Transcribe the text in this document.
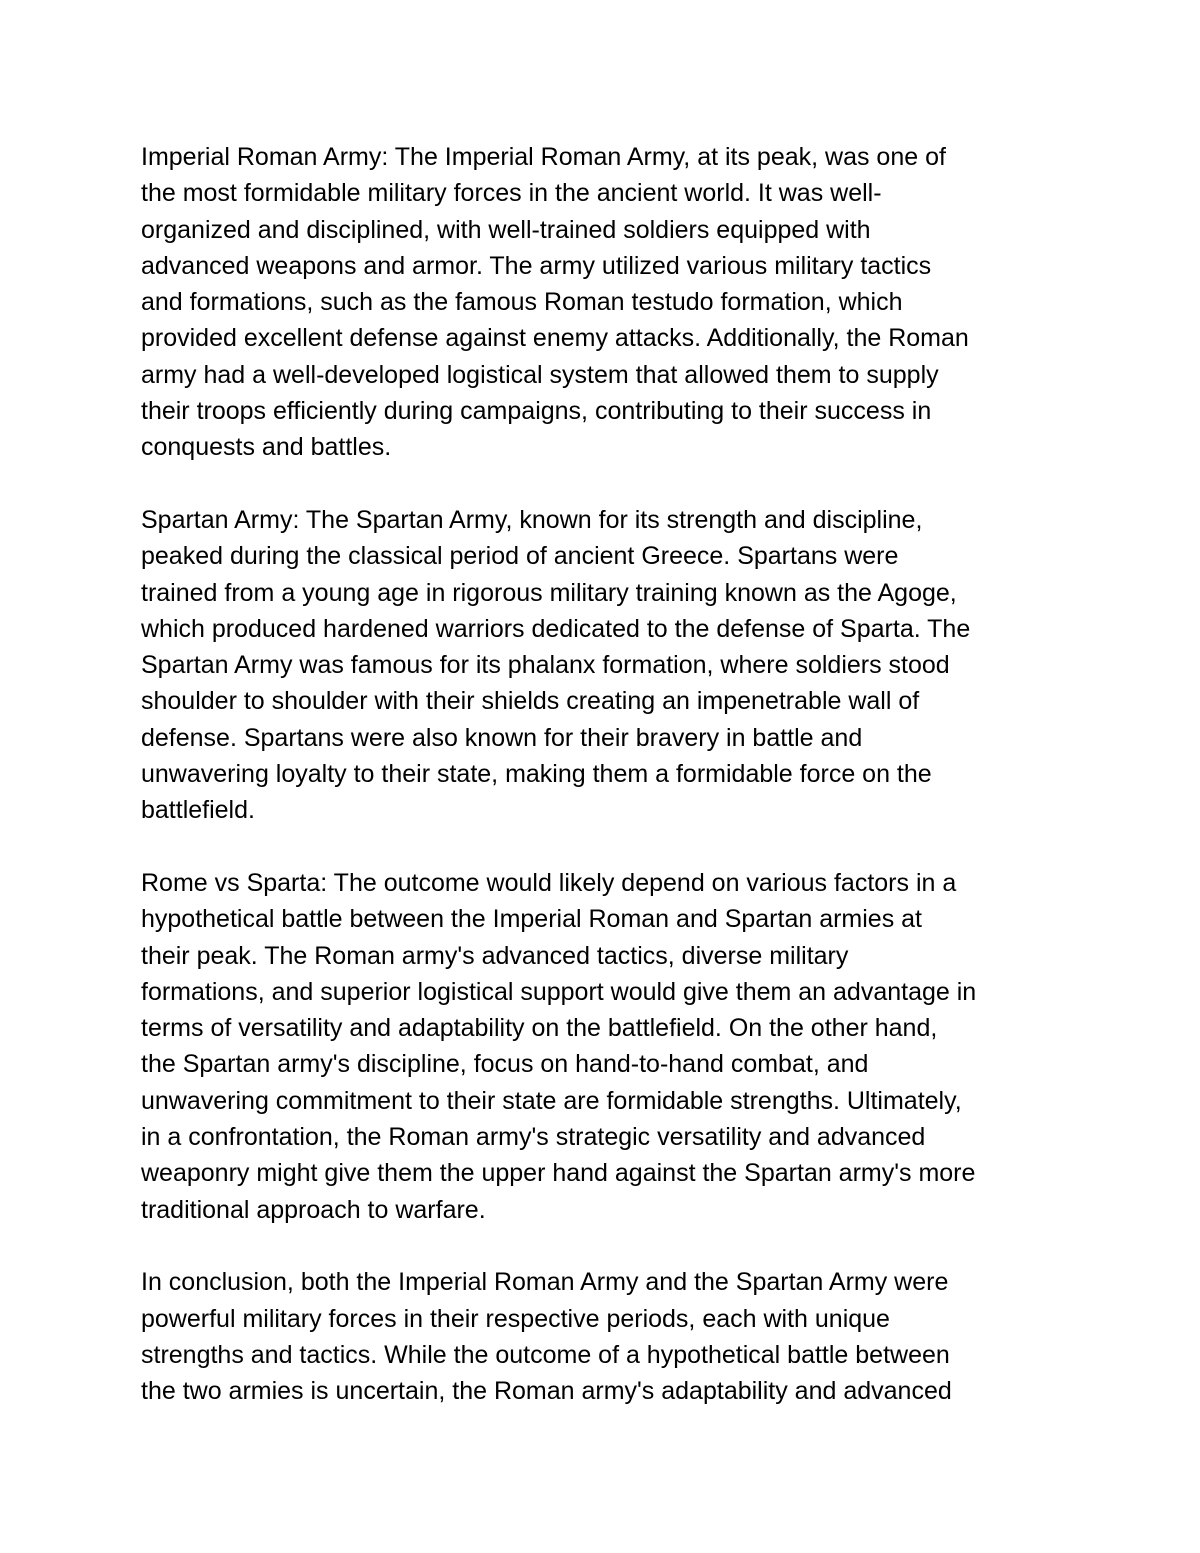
Imperial Roman Army: The Imperial Roman Army, at its peak, was one of
the most formidable military forces in the ancient world. It was well-
organized and disciplined, with well-trained soldiers equipped with
advanced weapons and armor. The army utilized various military tactics
and formations, such as the famous Roman testudo formation, which
provided excellent defense against enemy attacks. Additionally, the Roman
army had a well-developed logistical system that allowed them to supply
their troops efficiently during campaigns, contributing to their success in
conquests and battles.

Spartan Army: The Spartan Army, known for its strength and discipline,
peaked during the classical period of ancient Greece. Spartans were
trained from a young age in rigorous military training known as the Agoge,
which produced hardened warriors dedicated to the defense of Sparta. The
Spartan Army was famous for its phalanx formation, where soldiers stood
shoulder to shoulder with their shields creating an impenetrable wall of
defense. Spartans were also known for their bravery in battle and
unwavering loyalty to their state, making them a formidable force on the
battlefield.

Rome vs Sparta: The outcome would likely depend on various factors in a
hypothetical battle between the Imperial Roman and Spartan armies at
their peak. The Roman army's advanced tactics, diverse military
formations, and superior logistical support would give them an advantage in
terms of versatility and adaptability on the battlefield. On the other hand,
the Spartan army's discipline, focus on hand-to-hand combat, and
unwavering commitment to their state are formidable strengths. Ultimately,
in a confrontation, the Roman army's strategic versatility and advanced
weaponry might give them the upper hand against the Spartan army's more
traditional approach to warfare.

In conclusion, both the Imperial Roman Army and the Spartan Army were
powerful military forces in their respective periods, each with unique
strengths and tactics. While the outcome of a hypothetical battle between
the two armies is uncertain, the Roman army's adaptability and advanced
